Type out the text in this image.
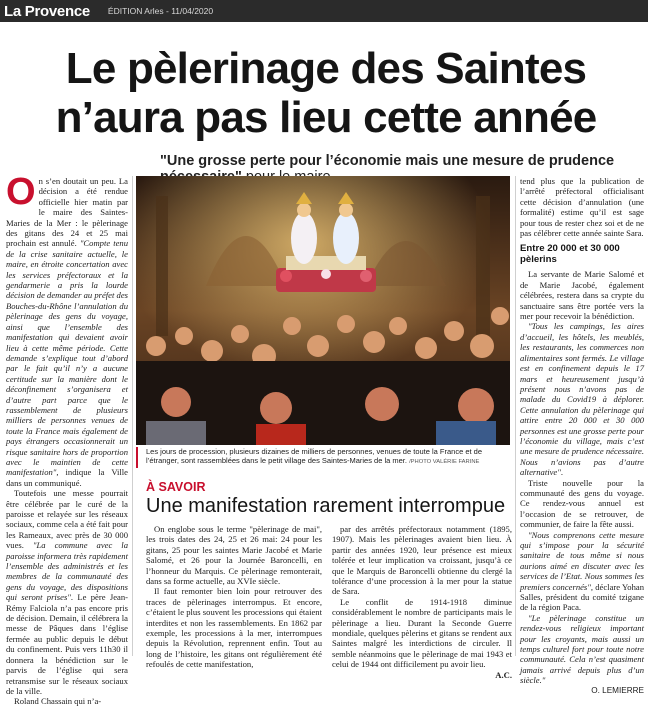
La Provence ÉDITION Arles - 11/04/2020
Le pèlerinage des Saintes
n’aura pas lieu cette année
"Une grosse perte pour l’économie mais une mesure de prudence

On s’en doutait un peu. La décision a été rendue officielle hier matin par le maire des Saintes-Maries de la Mer : le pèlerinage des gitans des 24 et 25 mai prochain est annulé. "Compte tenu de la crise sanitaire actuelle, le maire, en étroite concertation avec les services préfectoraux et la gendarmerie a pris la lourde décision de demander au préfet des Bouches-du-Rhône l’annulation du pèlerinage des gens du voyage, ainsi que l’ensemble des manifestation qui devaient avoir lieu à cette même période. Cette demande s’explique tout d’abord par le fait qu’il n’y a aucune certitude sur la manière dont le déconfinement s’organisera et d’autre part parce que le rassemblement de plusieurs milliers de personnes venues de toute la France mais également de pays étrangers occasionnerait un risque sanitaire hors de proportion avec le maintien de cette manifestation", indique la Ville dans un communiqué.

Toutefois une messe pourrait être célébrée par le curé de la paroisse et relayée sur les réseaux sociaux, comme cela a été fait pour les Rameaux, avec près de 30 000 vues. "La commune avec la paroisse informera très rapidement l’ensemble des administrés et les membres de la communauté des gens du voyage, des dispositions qui seront prises". Le père Jean-Rémy Falciola n’a pas encore pris de décision. Demain, il célébrera la messe de Pâques dans l’église fermée au public depuis le début du confinement. Puis vers 11h30 il donnera la bénédiction sur le parvis de l’église qui sera retransmise sur le réseaux sociaux de la ville.

Roland Chassain qui n’a-

Les jours de procession, plusieurs dizaines de milliers de personnes, venues de toute la France et de l’étranger, sont rassemblées dans le petit village des Saintes-Maries de la mer. /PHOTO VALÉRIE FARINE
À SAVOIR
Une manifestation rarement interrompue

On englobe sous le terme "pèlerinage de mai", les trois dates des 24, 25 et 26 mai: 24 pour les gitans, 25 pour les saintes Marie Jacobé et Marie Salomé, et 26 pour la Journée Baroncelli, en l’honneur du Marquis. Ce pèlerinage remonterait, dans sa forme actuelle, au XVIe siècle.

Il faut remonter bien loin pour retrouver des traces de pèlerinages interrompus. Et encore, c’étaient le plus souvent les processions qui étaient interdites et non les rassemblements. En 1862 par exemple, les processions à la mer, interrompues depuis la Révolution, reprennent enfin. Tout au long de l’histoire, les gitans ont régulièrement été refoulés de cette manifestation,

par des arrêtés préfectoraux notamment (1895, 1907). Mais les pèlerinages avaient bien lieu. À partir des années 1920, leur présence est mieux tolérée et leur implication va croissant, jusqu’à ce que le Marquis de Baroncelli obtienne du clergé la tolérance d’une procession à la mer pour la statue de Sara.

Le conflit de 1914-1918 diminue considérablement le nombre de participants mais le pèlerinage a lieu. Durant la Seconde Guerre mondiale, quelques pèlerins et gitans se rendent aux Saintes malgré les interdictions de circuler. Il semble néanmoins que le pèlerinage de mai 1943 et celui de 1944 ont difficilement pu avoir lieu.

A.C.

tend plus que la publication de l’arrêté préfectoral officialisant cette décision d’annulation (une formalité) estime qu’il est sage pour tous de rester chez soi et de ne pas célébrer cette année sainte Sara.

Entre 20 000 et 30 000 pèlerins

La servante de Marie Salomé et de Marie Jacobé, également célébrées, restera dans sa crypte du sanctuaire sans être portée vers la mer pour recevoir la bénédiction.

"Tous les campings, les aires d’accueil, les hôtels, les meublés, les restaurants, les commerces non alimentaires sont fermés. Le village est en confinement depuis le 17 mars et heureusement jusqu’à présent nous n’avons pas de malade du Covid19 à déplorer. Cette annulation du pèlerinage qui attire entre 20 000 et 30 000 personnes est une grosse perte pour l’économie du village, mais c’est une mesure de prudence nécessaire. Nous n’avions pas d’autre alternative".

Triste nouvelle pour la communauté des gens du voyage. Ce rendez-vous annuel est l’occasion de se retrouver, de communier, de faire la fête aussi.

"Nous comprenons cette mesure qui s’impose pour la sécurité sanitaire de tous même si nous aurions aimé en discuter avec les services de l’Etat. Nous sommes les premiers concernés", déclare Yohan Salles, président du comité tzigane de la région Paca.

"Le pèlerinage constitue un rendez-vous religieux important pour les croyants, mais aussi un temps culturel fort pour toute notre communauté. Cela n’est quasiment jamais arrivé depuis plus d’un siècle."

O. LEMIERRE
